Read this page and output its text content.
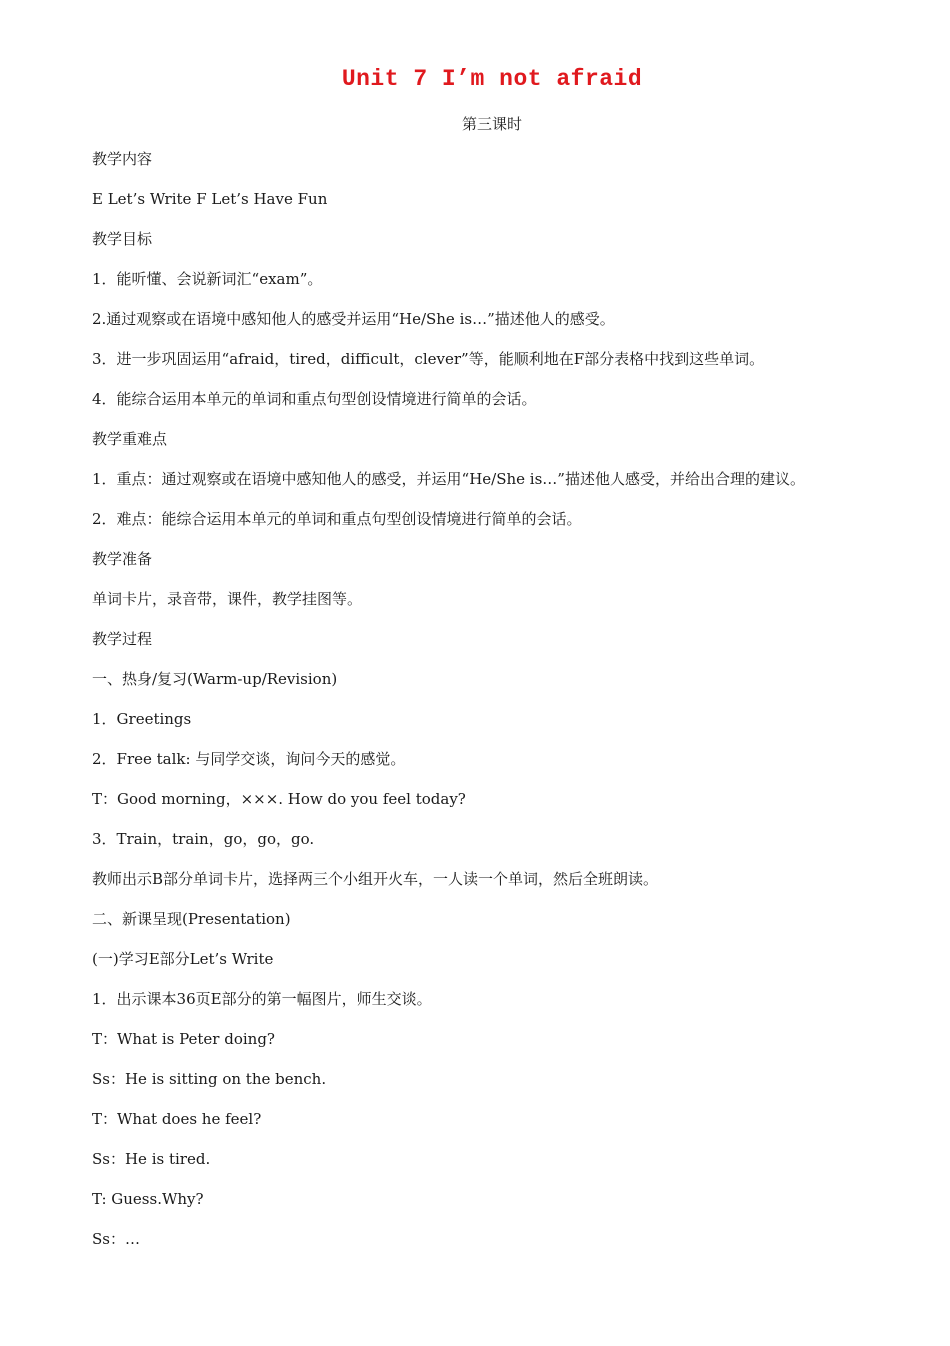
Unit 7 I’m not afraid
第三课时
教学内容
E Let’s Write F Let’s Have Fun
教学目标
1．能听懂、会说新词汇“exam”。
2.通过观察或在语境中感知他人的感受并运用“He/She is…”描述他人的感受。
3．进一步巩固运用“afraid，tired，difficult，clever”等，能顺利地在F部分表格中找到这些单词。
4．能综合运用本单元的单词和重点句型创设情境进行简单的会话。
教学重难点
1．重点：通过观察或在语境中感知他人的感受，并运用“He/She is…”描述他人感受，并给出合理的建议。
2．难点：能综合运用本单元的单词和重点句型创设情境进行简单的会话。
教学准备
单词卡片，录音带，课件，教学挂图等。
教学过程
一、热身/复习(Warm-up/Revision)
1．Greetings
2．Free talk: 与同学交谈，询问今天的感觉。
T：Good morning，×××. How do you feel today?
3．Train，train，go，go，go.
教师出示B部分单词卡片，选择两三个小组开火车，一人读一个单词，然后全班朗读。
二、新课呈现(Presentation)
(一)学习E部分Let’s Write
1．出示课本36页E部分的第一幅图片，师生交谈。
T：What is Peter doing?
Ss：He is sitting on the bench.
T：What does he feel?
Ss：He is tired.
T: Guess.Why?
Ss：…
